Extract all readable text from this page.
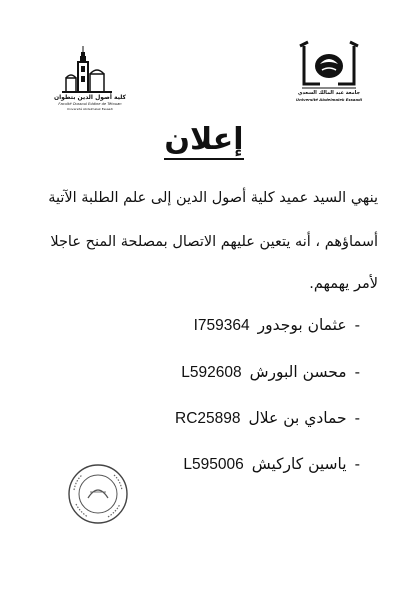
كلية أصول الدين بتطوان
Faculté Oussoul Eddine de Tétouan
Université Abdelmalek Essaadi
جامعة عبد المالك السعدي
Université Abdelmalek Essaadi
إعلان
ينهي السيد عميد كلية أصول الدين إلى علم الطلبة الآتية
أسماؤهم ، أنه يتعين عليهم الاتصال بمصلحة المنح عاجلا
لأمر يهمهم.
-
عثمان بوجدور
I759364
-
محسن البورش
L592608
-
حمادي بن علال
RC25898
-
ياسين كاركيش
L595006
